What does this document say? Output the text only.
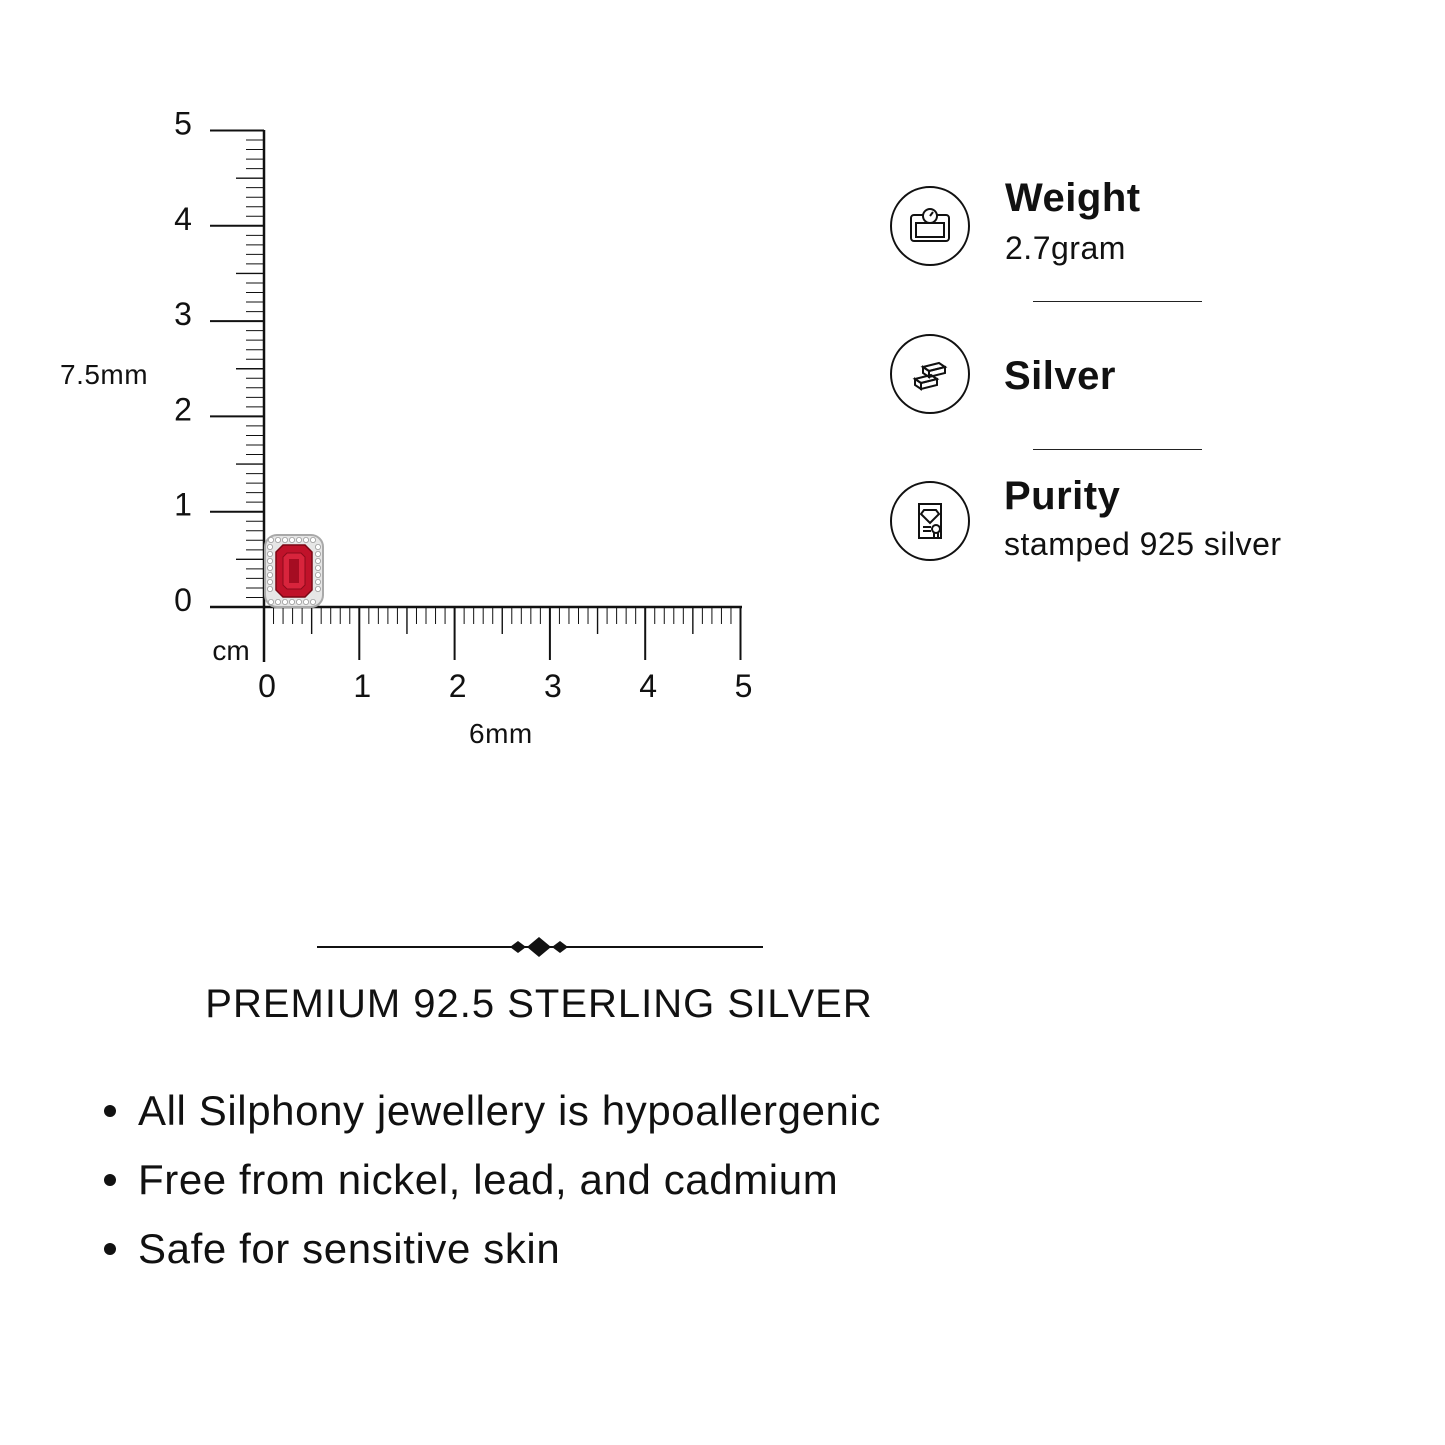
cm
0 1 2 3 4 5
0
1
2
3
4
5
7.5mm
6mm
Weight
2.7gram
Silver
Purity
stamped 925 silver
PREMIUM 92.5 STERLING SILVER
All Silphony jewellery is hypoallergenic
Free from nickel, lead, and cadmium
Safe for sensitive skin
